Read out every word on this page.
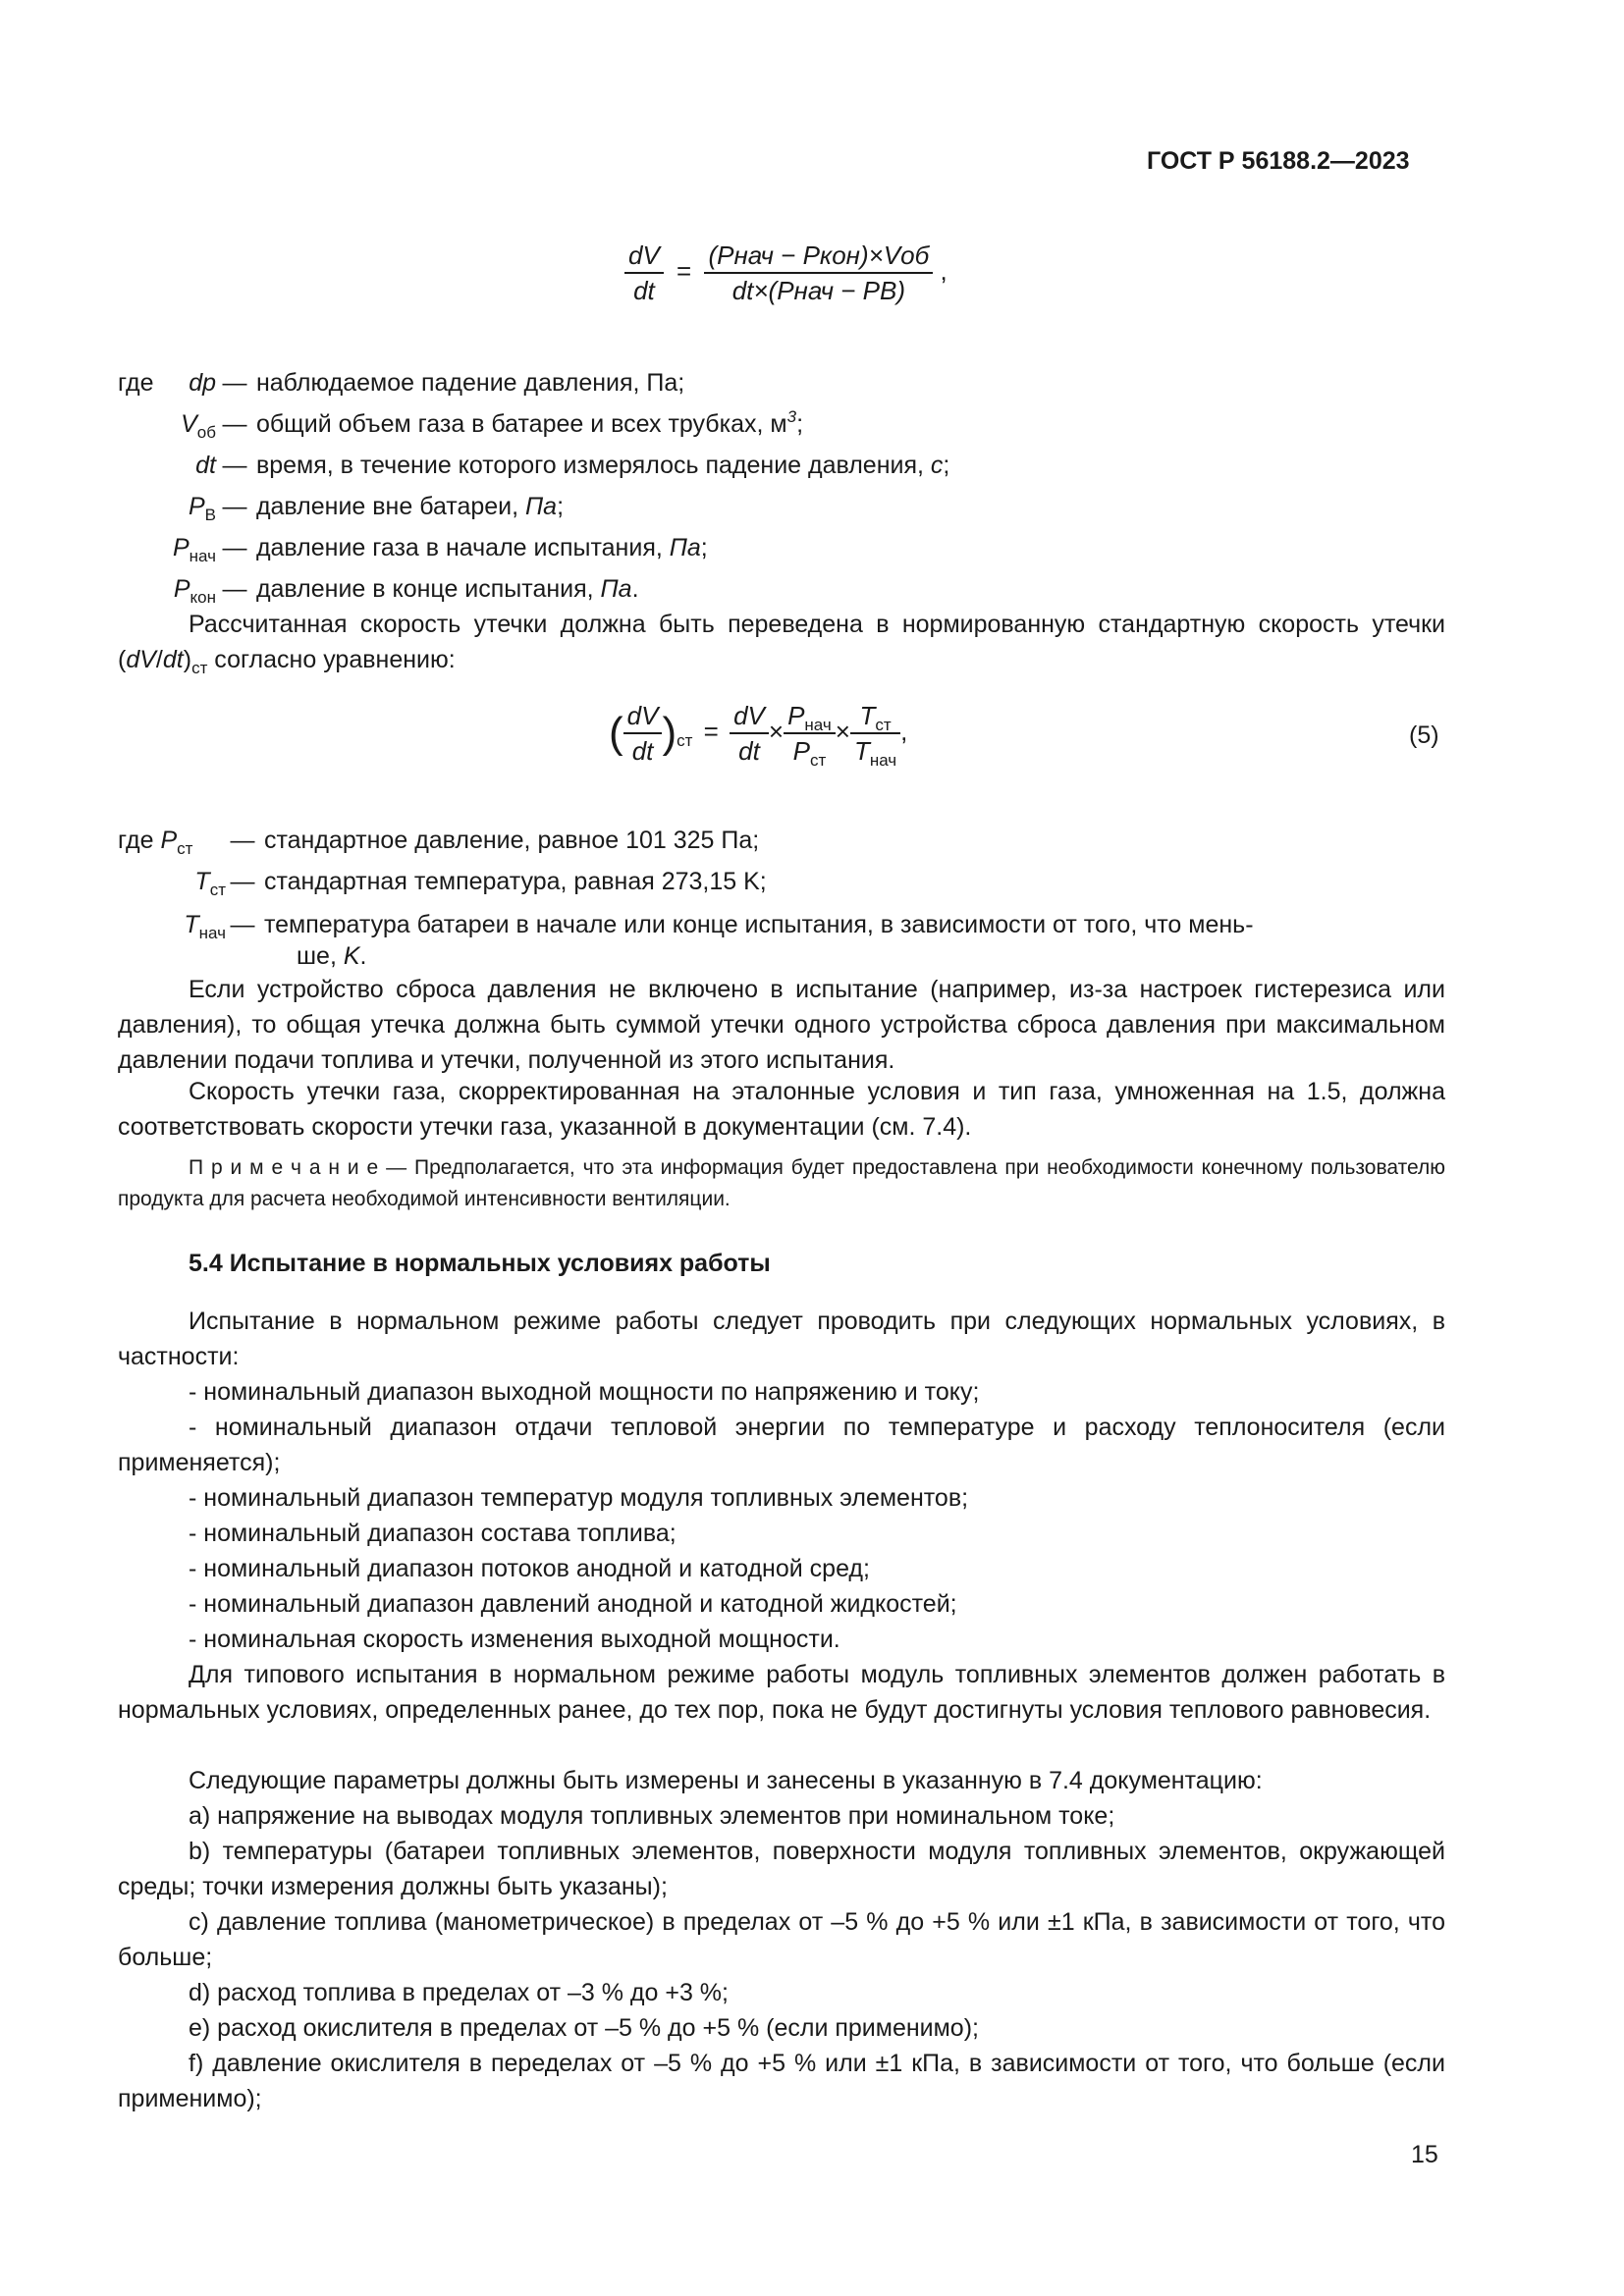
ГОСТ Р 56188.2—2023
$\frac{dV}{dt} = \frac{\text{(Pнач − Pкон)×Vоб}}{\text{dt×(Pнач − PВ)}}$ ,
где	dp — наблюдаемое падение давления, Па;
$V_{об}$ — общий объем газа в батарее и всех трубках, $м^3$;
dt — время, в течение которого измерялось падение давления, с;
$P_В$ — давление вне батареи, Па;
$P_{нач}$ — давление газа в начале испытания, Па;
$P_{кон}$ — давление в конце испытания, Па.
Рассчитанная скорость утечки должна быть переведена в нормированную стандартную скорость утечки $(dV/dt)_{ст}$ согласно уравнению:
( $\frac{dV}{dt} )_{ст} = \frac{dV}{dt} \times \frac{P_{нач}}{P_{ст}} \times \frac{T_{ст}}{T_{нач}}$ ,	(5)
где $P_{ст}$ — стандартное давление, равное 101 325 Па;
$T_{ст}$ — стандартная температура, равная 273,15 K;
$T_{нач}$ — температура батареи в начале или конце испытания, в зависимости от того, что мень-
ше, K.
Если устройство сброса давления не включено в испытание (например, из-за настроек гистерезиса или давления), то общая утечка должна быть суммой утечки одного устройства сброса давления при максимальном давлении подачи топлива и утечки, полученной из этого испытания.
Скорость утечки газа, скорректированная на эталонные условия и тип газа, умноженная на 1.5, должна соответствовать скорости утечки газа, указанной в документации (см. 7.4).
П р и м е ч а н и е — Предполагается, что эта информация будет предоставлена при необходимости конечному пользователю продукта для расчета необходимой интенсивности вентиляции.
5.4 Испытание в нормальных условиях работы
Испытание в нормальном режиме работы следует проводить при следующих нормальных условиях, в частности:
- номинальный диапазон выходной мощности по напряжению и току;
- номинальный диапазон отдачи тепловой энергии по температуре и расходу теплоносителя (если применяется);
- номинальный диапазон температур модуля топливных элементов;
- номинальный диапазон состава топлива;
- номинальный диапазон потоков анодной и катодной сред;
- номинальный диапазон давлений анодной и катодной жидкостей;
- номинальная скорость изменения выходной мощности.
Для типового испытания в нормальном режиме работы модуль топливных элементов должен работать в нормальных условиях, определенных ранее, до тех пор, пока не будут достигнуты условия теплового равновесия.
Следующие параметры должны быть измерены и занесены в указанную в 7.4 документацию:
a) напряжение на выводах модуля топливных элементов при номинальном токе;
b) температуры (батареи топливных элементов, поверхности модуля топливных элементов, окружающей среды; точки измерения должны быть указаны);
c) давление топлива (манометрическое) в пределах от –5 % до +5 % или ±1 кПа, в зависимости от того, что больше;
d) расход топлива в пределах от –3 % до +3 %;
e) расход окислителя в пределах от –5 % до +5 % (если применимо);
f) давление окислителя в переделах от –5 % до +5 % или ±1 кПа, в зависимости от того, что больше (если применимо);
15
